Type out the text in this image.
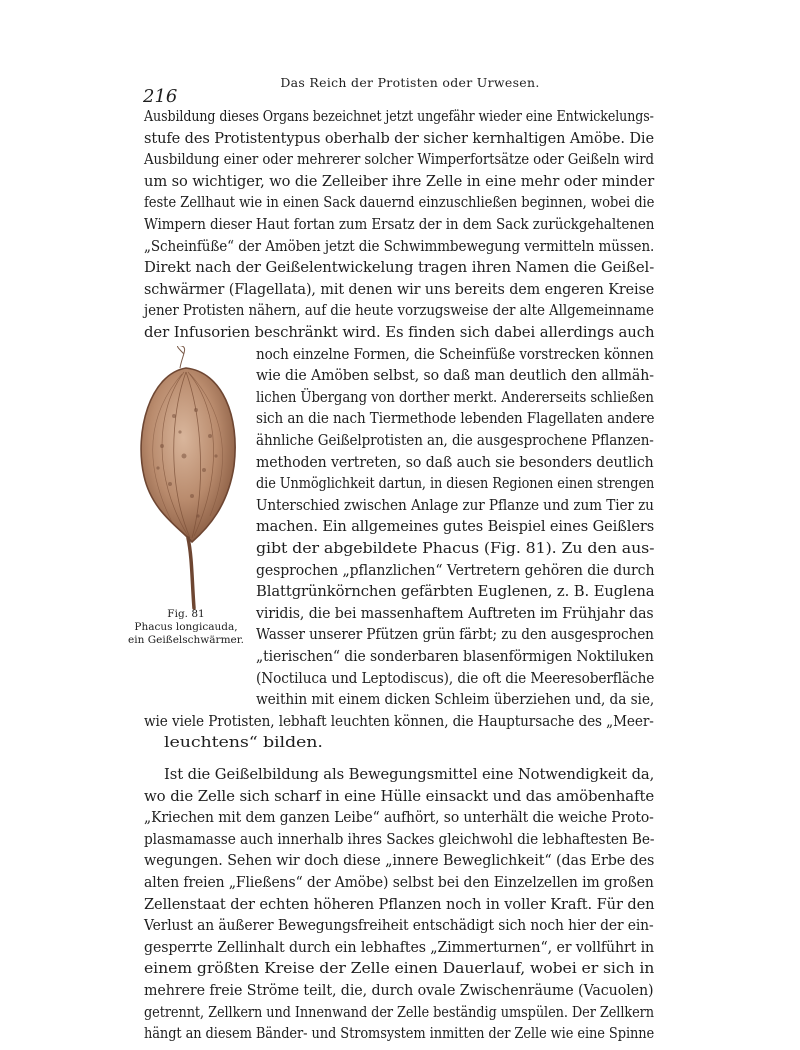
Das Reich der Protisten oder Urwesen.
216
Ausbildung dieses Organs bezeichnet jetzt ungefähr wieder eine Entwickelungs-
stufe des Protistentypus oberhalb der sicher kernhaltigen Amöbe. Die
Ausbildung einer oder mehrerer solcher Wimperfortsätze oder Geißeln wird
um so wichtiger, wo die Zelleiber ihre Zelle in eine mehr oder minder
feste Zellhaut wie in einen Sack dauernd einzuschließen beginnen, wobei die
Wimpern dieser Haut fortan zum Ersatz der in dem Sack zurückgehaltenen
„Scheinfüße“ der Amöben jetzt die Schwimmbewegung vermitteln müssen.
Direkt nach der Geißelentwickelung tragen ihren Namen die Geißel-
schwärmer (Flagellata), mit denen wir uns bereits dem engeren Kreise
jener Protisten nähern, auf die heute vorzugsweise der alte Allgemeinname
der Infusorien beschränkt wird. Es finden sich dabei allerdings auch
noch einzelne Formen, die Scheinfüße vorstrecken können
wie die Amöben selbst, so daß man deutlich den allmäh-
lichen Übergang von dorther merkt. Andererseits schließen
sich an die nach Tiermethode lebenden Flagellaten andere
ähnliche Geißelprotisten an, die ausgesprochene Pflanzen-
methoden vertreten, so daß auch sie besonders deutlich
die Unmöglichkeit dartun, in diesen Regionen einen strengen
Unterschied zwischen Anlage zur Pflanze und zum Tier zu
machen. Ein allgemeines gutes Beispiel eines Geißlers
gibt der abgebildete Phacus (Fig. 81). Zu den aus-
gesprochen „pflanzlichen“ Vertretern gehören die durch
Blattgrünkörnchen gefärbten Euglenen, z. B. Euglena
viridis, die bei massenhaftem Auftreten im Frühjahr das
Wasser unserer Pfützen grün färbt; zu den ausgesprochen
„tierischen“ die sonderbaren blasenförmigen Noktiluken
(Noctiluca und Leptodiscus), die oft die Meeresoberfläche
weithin mit einem dicken Schleim überziehen und, da sie,
wie viele Protisten, lebhaft leuchten können, die Hauptursache des „Meer-
leuchtens“ bilden.
Ist die Geißelbildung als Bewegungsmittel eine Notwendigkeit da,
wo die Zelle sich scharf in eine Hülle einsackt und das amöbenhafte
„Kriechen mit dem ganzen Leibe“ aufhört, so unterhält die weiche Proto-
plasmamasse auch innerhalb ihres Sackes gleichwohl die lebhaftesten Be-
wegungen. Sehen wir doch diese „innere Beweglichkeit“ (das Erbe des
alten freien „Fließens“ der Amöbe) selbst bei den Einzelzellen im großen
Zellenstaat der echten höheren Pflanzen noch in voller Kraft. Für den
Verlust an äußerer Bewegungsfreiheit entschädigt sich noch hier der ein-
gesperrte Zellinhalt durch ein lebhaftes „Zimmerturnen“, er vollführt in
einem größten Kreise der Zelle einen Dauerlauf, wobei er sich in
mehrere freie Ströme teilt, die, durch ovale Zwischenräume (Vacuolen)
getrennt, Zellkern und Innenwand der Zelle beständig umspülen. Der Zellkern
hängt an diesem Bänder- und Stromsystem inmitten der Zelle wie eine Spinne
Fig. 81
Phacus longicauda,
ein Geißelschwärmer.
